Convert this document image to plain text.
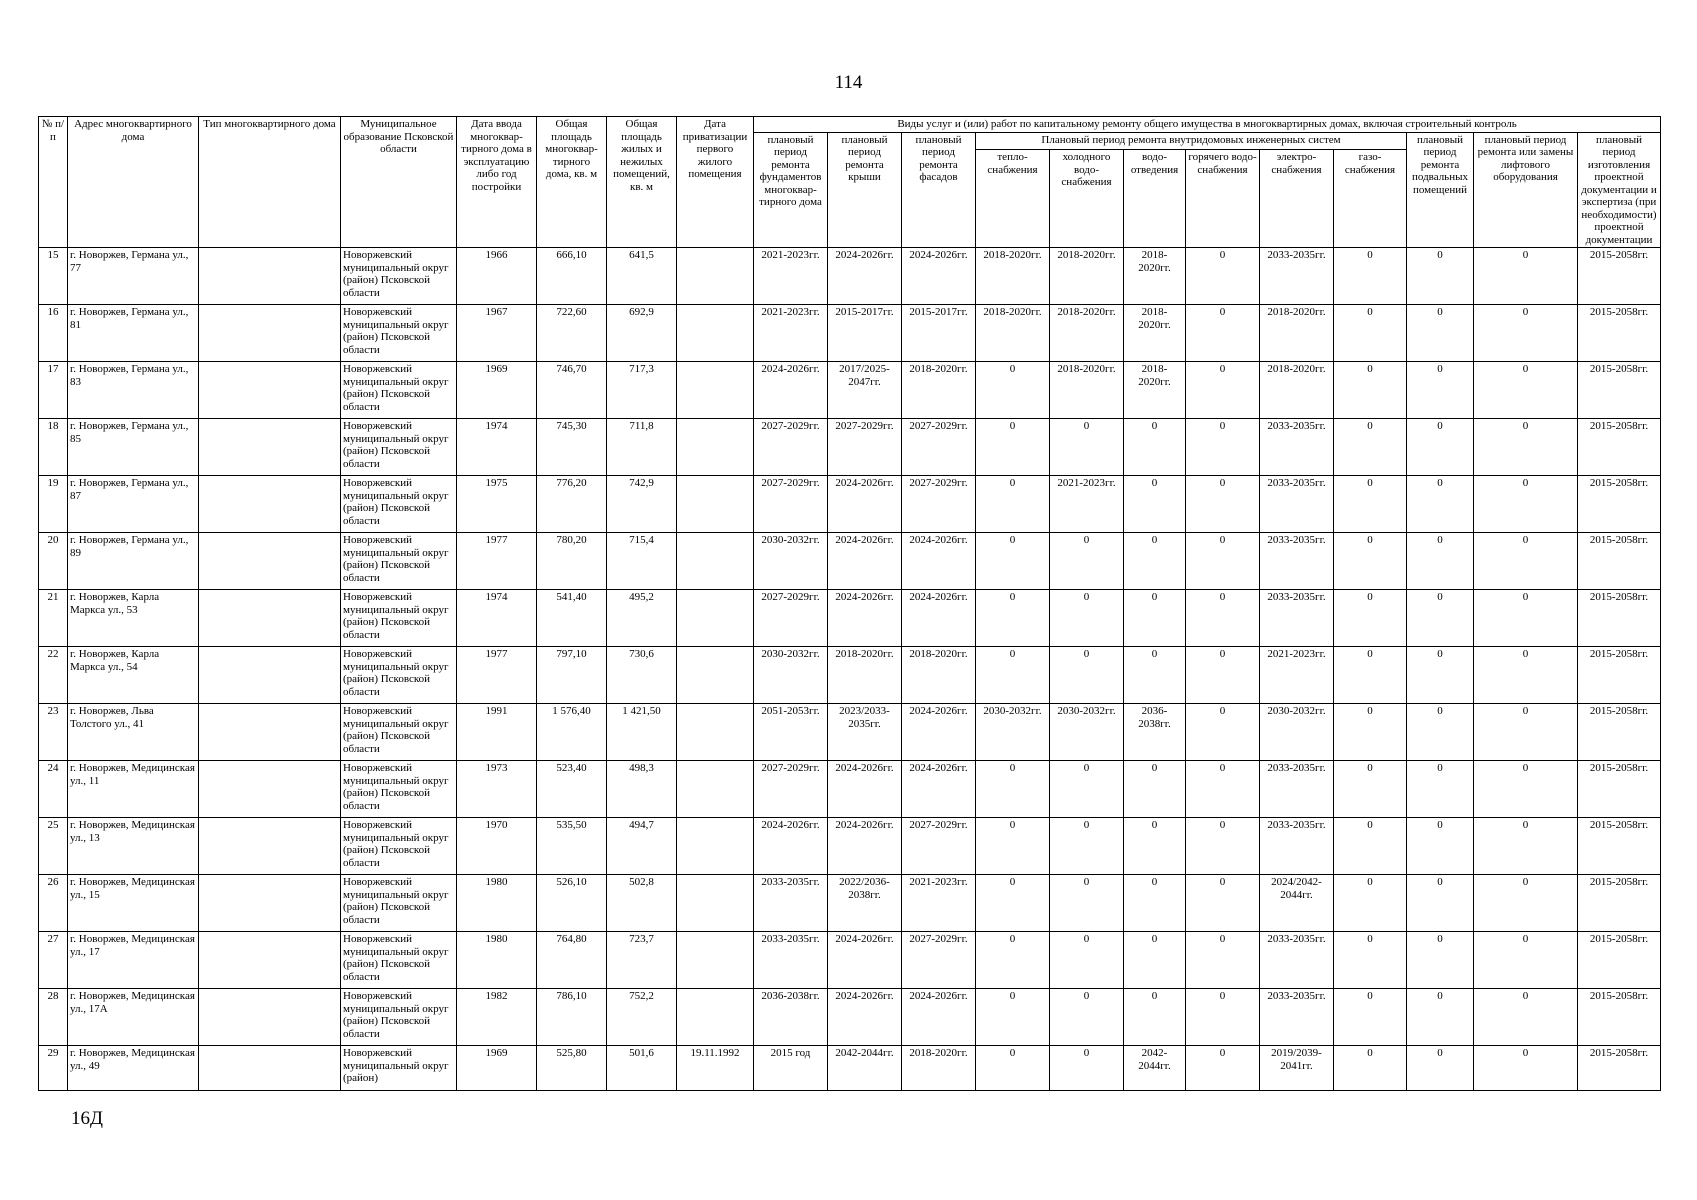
114
№ п/п	Адрес многоквартирного дома	Тип многоквартирного дома	Муниципальное образование Псковской области	Дата ввода многоквар-тирного дома в эксплуатацию либо год постройки	Общая площадь многоквар-тирного дома, кв. м	Общая площадь жилых и нежилых помещений, кв. м	Дата приватизации первого жилого помещения	Виды услуг и (или) работ по капитальному ремонту общего имущества в многоквартирных домах, включая строительный контроль											
								плановый период ремонта фундаментов многоквар-тирного дома	плановый период ремонта крыши	плановый период ремонта фасадов	Плановый период ремонта внутридомовых инженерных систем						плановый период ремонта подвальных помещений	плановый период ремонта или замены лифтового оборудования	плановый период изготовления проектной документации и экспертиза (при необходимости) проектной документации
											тепло-снабжения	холодного водо-снабжения	водо-отведения	горячего водо-снабжения	электро-снабжения	газо-снабжения			
15	г. Новоржев, Германа ул., 77		Новоржевский муниципальный округ (район) Псковской области	1966	666,10	641,5		2021-2023гг.	2024-2026гг.	2024-2026гг.	2018-2020гг.	2018-2020гг.	2018-2020гг.	0	2033-2035гг.	0	0	0	2015-2058гг.
16	г. Новоржев, Германа ул., 81		Новоржевский муниципальный округ (район) Псковской области	1967	722,60	692,9		2021-2023гг.	2015-2017гг.	2015-2017гг.	2018-2020гг.	2018-2020гг.	2018-2020гг.	0	2018-2020гг.	0	0	0	2015-2058гг.
17	г. Новоржев, Германа ул., 83		Новоржевский муниципальный округ (район) Псковской области	1969	746,70	717,3		2024-2026гг.	2017/2025-2047гг.	2018-2020гг.	0	2018-2020гг.	2018-2020гг.	0	2018-2020гг.	0	0	0	2015-2058гг.
18	г. Новоржев, Германа ул., 85		Новоржевский муниципальный округ (район) Псковской области	1974	745,30	711,8		2027-2029гг.	2027-2029гг.	2027-2029гг.	0	0	0	0	2033-2035гг.	0	0	0	2015-2058гг.
19	г. Новоржев, Германа ул., 87		Новоржевский муниципальный округ (район) Псковской области	1975	776,20	742,9		2027-2029гг.	2024-2026гг.	2027-2029гг.	0	2021-2023гг.	0	0	2033-2035гг.	0	0	0	2015-2058гг.
20	г. Новоржев, Германа ул., 89		Новоржевский муниципальный округ (район) Псковской области	1977	780,20	715,4		2030-2032гг.	2024-2026гг.	2024-2026гг.	0	0	0	0	2033-2035гг.	0	0	0	2015-2058гг.
21	г. Новоржев, Карла Маркса ул., 53		Новоржевский муниципальный округ (район) Псковской области	1974	541,40	495,2		2027-2029гг.	2024-2026гг.	2024-2026гг.	0	0	0	0	2033-2035гг.	0	0	0	2015-2058гг.
22	г. Новоржев, Карла Маркса ул., 54		Новоржевский муниципальный округ (район) Псковской области	1977	797,10	730,6		2030-2032гг.	2018-2020гг.	2018-2020гг.	0	0	0	0	2021-2023гг.	0	0	0	2015-2058гг.
23	г. Новоржев, Льва Толстого ул., 41		Новоржевский муниципальный округ (район) Псковской области	1991	1 576,40	1 421,50		2051-2053гг.	2023/2033-2035гг.	2024-2026гг.	2030-2032гг.	2030-2032гг.	2036-2038гг.	0	2030-2032гг.	0	0	0	2015-2058гг.
24	г. Новоржев, Медицинская ул., 11		Новоржевский муниципальный округ (район) Псковской области	1973	523,40	498,3		2027-2029гг.	2024-2026гг.	2024-2026гг.	0	0	0	0	2033-2035гг.	0	0	0	2015-2058гг.
25	г. Новоржев, Медицинская ул., 13		Новоржевский муниципальный округ (район) Псковской области	1970	535,50	494,7		2024-2026гг.	2024-2026гг.	2027-2029гг.	0	0	0	0	2033-2035гг.	0	0	0	2015-2058гг.
26	г. Новоржев, Медицинская ул., 15		Новоржевский муниципальный округ (район) Псковской области	1980	526,10	502,8		2033-2035гг.	2022/2036-2038гг.	2021-2023гг.	0	0	0	0	2024/2042-2044гг.	0	0	0	2015-2058гг.
27	г. Новоржев, Медицинская ул., 17		Новоржевский муниципальный округ (район) Псковской области	1980	764,80	723,7		2033-2035гг.	2024-2026гг.	2027-2029гг.	0	0	0	0	2033-2035гг.	0	0	0	2015-2058гг.
28	г. Новоржев, Медицинская ул., 17А		Новоржевский муниципальный округ (район) Псковской области	1982	786,10	752,2		2036-2038гг.	2024-2026гг.	2024-2026гг.	0	0	0	0	2033-2035гг.	0	0	0	2015-2058гг.
29	г. Новоржев, Медицинская ул., 49		Новоржевский муниципальный округ (район)	1969	525,80	501,6	19.11.1992	2015 год	2042-2044гг.	2018-2020гг.	0	0	2042-2044гг.	0	2019/2039-2041гг.	0	0	0	2015-2058гг.
16Д
